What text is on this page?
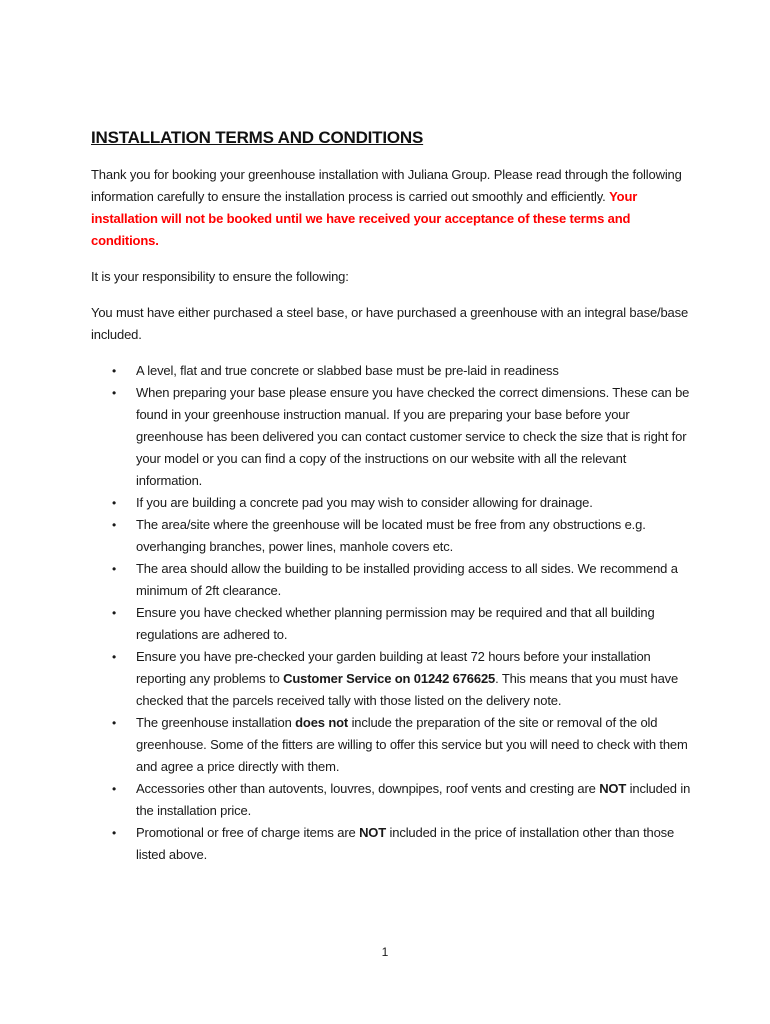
INSTALLATION TERMS AND CONDITIONS

Thank you for booking your greenhouse installation with Juliana Group. Please read through the following information carefully to ensure the installation process is carried out smoothly and efficiently. Your installation will not be booked until we have received your acceptance of these terms and conditions.

It is your responsibility to ensure the following:

You must have either purchased a steel base, or have purchased a greenhouse with an integral base/base included.

• A level, flat and true concrete or slabbed base must be pre-laid in readiness
• When preparing your base please ensure you have checked the correct dimensions. These can be found in your greenhouse instruction manual. If you are preparing your base before your greenhouse has been delivered you can contact customer service to check the size that is right for your model or you can find a copy of the instructions on our website with all the relevant information.
• If you are building a concrete pad you may wish to consider allowing for drainage.
• The area/site where the greenhouse will be located must be free from any obstructions e.g. overhanging branches, power lines, manhole covers etc.
• The area should allow the building to be installed providing access to all sides. We recommend a minimum of 2ft clearance.
• Ensure you have checked whether planning permission may be required and that all building regulations are adhered to.
• Ensure you have pre-checked your garden building at least 72 hours before your installation reporting any problems to Customer Service on 01242 676625. This means that you must have checked that the parcels received tally with those listed on the delivery note.
• The greenhouse installation does not include the preparation of the site or removal of the old greenhouse. Some of the fitters are willing to offer this service but you will need to check with them and agree a price directly with them.
• Accessories other than autovents, louvres, downpipes, roof vents and cresting are NOT included in the installation price.
• Promotional or free of charge items are NOT included in the price of installation other than those listed above.
1
